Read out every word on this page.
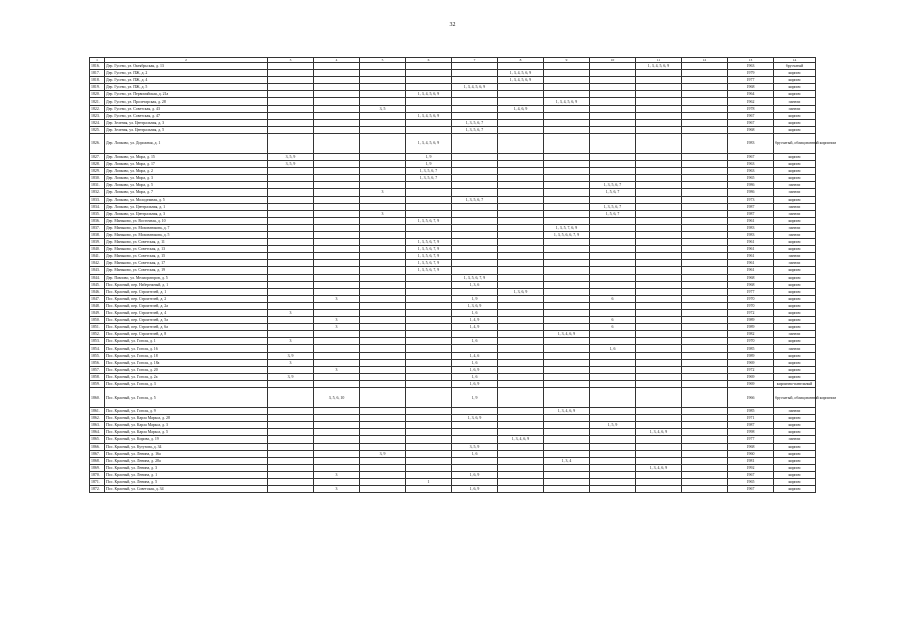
32
1	2	3	4	5	6	7	8	9	10	11	12	13	14
1816.	Дер. Гусево, ул. Октябрьская, д. 13									1, 3, 4, 5, 6, 9		1963	брусчатый
1817.	Дер. Гусево, ул. ПЖ, д. 2						1, 3, 4, 5, 6, 9					1979	кирпич
1818.	Дер. Гусево, ул. ПЖ, д. 4						1, 3, 4, 5, 6, 9					1977	кирпич
1819.	Дер. Гусево, ул. ПЖ, д. 5					1, 3, 4, 5, 6, 9						1968	кирпич
1820.	Дер. Гусево, ул. Первомайская, д. 21а				1, 3, 4, 5, 6, 9							1964	кирпич
1821.	Дер. Гусево, ул. Пролетарская, д. 28							1, 3, 4, 5, 6, 9				1962	панели
1822.	Дер. Гусево, ул. Советская, д. 43			3, 5			1, 4, 6, 9					1978	панели
1823.	Дер. Гусево, ул. Советская, д. 47				1, 3, 4, 5, 6, 9							1967	кирпич
1824.	Дер. Зеленая, ул. Центральная, д. 3					1, 3, 5, 6, 7						1967	кирпич
1825.	Дер. Зеленая, ул. Центральная, д. 5					1, 3, 5, 6, 7						1968	кирпич
1826.	Дер. Лопково, ул. Дорожная, д. 1				1, 3, 4, 5, 6, 9							1983	брусчатый, облицованный кирпичом
1827.	Дер. Лопково, ул. Мира, д. 15	3, 5, 9			1, 9							1967	кирпич
1828.	Дер. Лопково, ул. Мира, д. 17	3, 5, 9			1, 9							1963	кирпич
1829.	Дер. Лопково, ул. Мира, д. 2				1, 3, 5, 6, 7							1963	кирпич
1830.	Дер. Лопково, ул. Мира, д. 3				1, 3, 5, 6, 7							1965	кирпич
1831.	Дер. Лопково, ул. Мира, д. 5								1, 3, 5, 6, 7			1986	панели
1832.	Дер. Лопково, ул. Мира, д. 7			3					1, 5, 6, 7			1986	панели
1833.	Дер. Лопково, ул. Молодежная, д. 5					1, 3, 5, 6, 7						1973	кирпич
1834.	Дер. Лопково, ул. Центральная, д. 1								1, 3, 5, 6, 7			1987	панели
1835.	Дер. Лопково, ул. Центральная, д. 3			3					1, 5, 6, 7			1987	панели
1836.	Дер. Маньково, ул. Восточная, д. 10				1, 3, 5, 6, 7, 9							1961	кирпич
1837.	Дер. Маньково, ул. Моховатикова, д. 7							1, 3, 5, 7, 6, 9				1983	панели
1838.	Дер. Маньково, ул. Моховатикова, д. 5							1, 3, 5, 6, 6, 7, 9				1983	панели
1839.	Дер. Маньково, ул. Советская, д. 11				1, 3, 5, 6, 7, 9							1961	кирпич
1840.	Дер. Маньково, ул. Советская, д. 13				1, 3, 5, 6, 7, 9							1961	кирпич
1841.	Дер. Маньково, ул. Советская, д. 15				1, 3, 5, 6, 7, 9							1961	панели
1842.	Дер. Маньково, ул. Советская, д. 17				1, 3, 5, 6, 7, 9							1961	панели
1843.	Дер. Маньково, ул. Советская, д. 19				1, 3, 5, 6, 7, 9							1961	кирпич
1844.	Дер. Павлово, ул. Мелиораторов, д. 5					1, 3, 5, 6, 7, 9						1968	кирпич
1845.	Пос. Красный, пер. Набережный, д. 1					1, 3, 6						1968	кирпич
1846.	Пос. Красный, пер. Строителей, д. 1						1, 3, 6, 9					1977	кирпич
1847.	Пос. Красный, пер. Строителей, д. 2		3			1, 9			6			1970	кирпич
1848.	Пос. Красный, пер. Строителей, д. 2а					1, 3, 6, 9						1970	кирпич
1849.	Пос. Красный, пер. Строителей, д. 4	3				1, 6						1972	кирпич
1850.	Пос. Красный, пер. Строителей, д. 5а		3			1, 4, 9			6			1989	кирпич
1851.	Пос. Красный, пер. Строителей, д. 6а		3			1, 4, 9			6			1989	кирпич
1852.	Пос. Красный, пер. Строителей, д. 8							1, 3, 4, 6, 9				1982	панели
1853.	Пос. Красный, ул. Гоголя, д. 1	3				1, 6						1970	кирпич
1854.	Пос. Красный, ул. Гоголя, д. 16								1, 6			1985	панели
1855.	Пос. Красный, ул. Гоголя, д. 18	3, 9				1, 4, 6						1989	кирпич
1856.	Пос. Красный, ул. Гоголя, д. 18а	3				1, 6						1969	кирпич
1857.	Пос. Красный, ул. Гоголя, д. 20		3			1, 6, 9						1972	кирпич
1858.	Пос. Красный, ул. Гоголя, д. 2а	3, 9				1, 6						1969	кирпич
1859.	Пос. Красный, ул. Гоголя, д. 3					1, 6, 9						1969	кирпично-панельный
1860.	Пос. Красный, ул. Гоголя, д. 5		3, 5, 6, 10			1, 9						1966	брусчатый, облицованный кирпичом
1861.	Пос. Красный, ул. Гоголя, д. 9							1, 3, 4, 6, 9				1985	панели
1862.	Пос. Красный, ул. Карла Маркса, д. 28					1, 3, 6, 9						1971	кирпич
1863.	Пос. Красный, ул. Карла Маркса, д. 3								1, 5, 9			1987	кирпич
1864.	Пос. Красный, ул. Карла Маркса, д. 5									1, 3, 4, 6, 9		1998	кирпич
1865.	Пос. Красный, ул. Кирова, д. 19						1, 3, 4, 6, 9					1977	панели
1866.	Пос. Красный, ул. Кутузова, д. 34					3, 5, 9						1968	кирпич
1867.	Пос. Красный, ул. Ленина, д. 16а			3, 9		1, 6						1960	кирпич
1868.	Пос. Красный, ул. Ленина, д. 28а							1, 3, 4				1981	кирпич
1869.	Пос. Красный, ул. Ленина, д. 3									1, 3, 4, 6, 9		1992	кирпич
1870.	Пос. Красный, ул. Ленина, д. 1		3			1, 6, 9						1967	кирпич
1871.	Пос. Красный, ул. Ленина, д. 5				1							1965	кирпич
1872.	Пос. Красный, ул. Советская, д. 34		3			1, 6, 9						1967	кирпич
